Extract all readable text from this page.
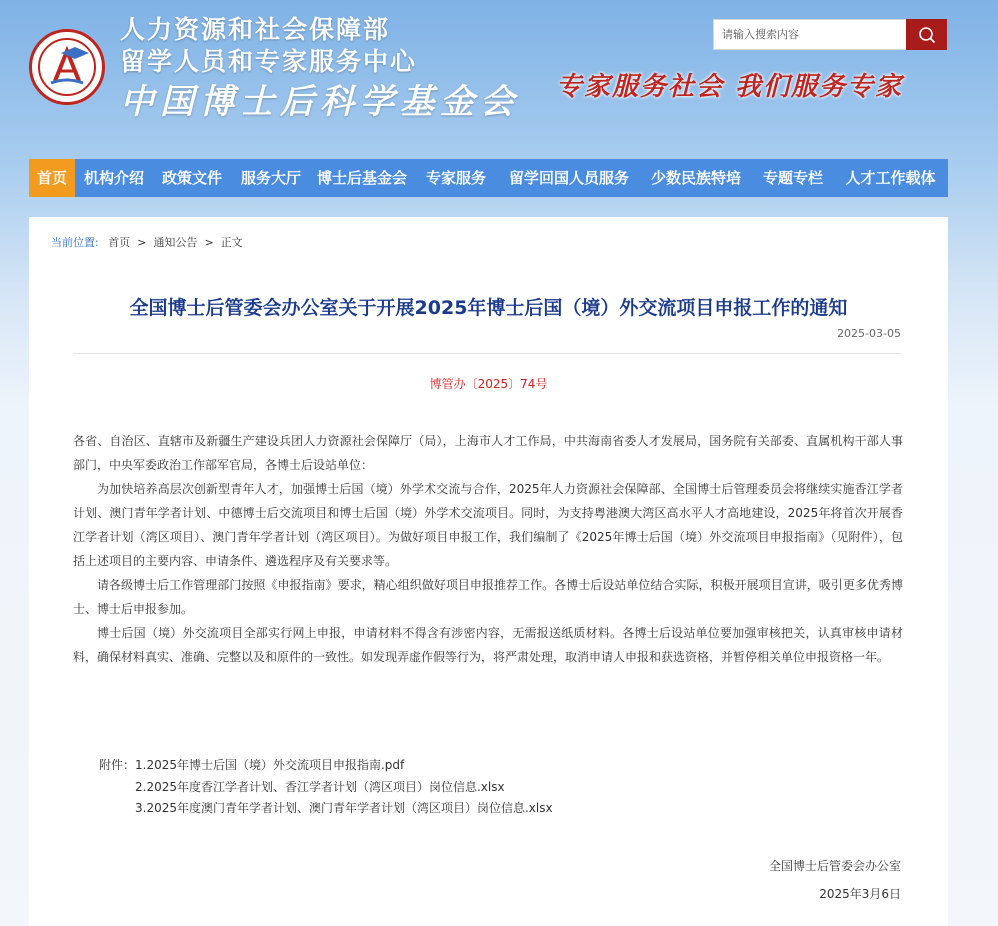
人力资源和社会保障部
留学人员和专家服务中心
中国博士后科学基金会
请输入搜索内容
专家服务社会 我们服务专家
首页	机构介绍	政策文件	服务大厅	博士后基金会	专家服务	留学回国人员服务	少数民族特培	专题专栏	人才工作载体
当前位置: 首页 > 通知公告 > 正文
全国博士后管委会办公室关于开展2025年博士后国（境）外交流项目申报工作的通知
2025-03-05
博管办〔2025〕74号

各省、自治区、直辖市及新疆生产建设兵团人力资源社会保障厅（局），上海市人才工作局，中共海南省委人才发展局，国务院有关部委、直属机构干部人事部门，中央军委政治工作部军官局，各博士后设站单位：

为加快培养高层次创新型青年人才，加强博士后国（境）外学术交流与合作，2025年人力资源社会保障部、全国博士后管理委员会将继续实施香江学者计划、澳门青年学者计划、中德博士后交流项目和博士后国（境）外学术交流项目。同时，为支持粤港澳大湾区高水平人才高地建设，2025年将首次开展香江学者计划（湾区项目）、澳门青年学者计划（湾区项目）。为做好项目申报工作，我们编制了《2025年博士后国（境）外交流项目申报指南》（见附件），包括上述项目的主要内容、申请条件、遴选程序及有关要求等。

请各级博士后工作管理部门按照《申报指南》要求，精心组织做好项目申报推荐工作。各博士后设站单位结合实际，积极开展项目宣讲，吸引更多优秀博士、博士后申报参加。

博士后国（境）外交流项目全部实行网上申报，申请材料不得含有涉密内容，无需报送纸质材料。各博士后设站单位要加强审核把关，认真审核申请材料，确保材料真实、准确、完整以及和原件的一致性。如发现弄虚作假等行为，将严肃处理，取消申请人申报和获选资格，并暂停相关单位申报资格一年。

附件： 1.2025年博士后国（境）外交流项目申报指南.pdf
2.2025年度香江学者计划、香江学者计划（湾区项目）岗位信息.xlsx
3.2025年度澳门青年学者计划、澳门青年学者计划（湾区项目）岗位信息.xlsx
全国博士后管委会办公室
2025年3月6日
